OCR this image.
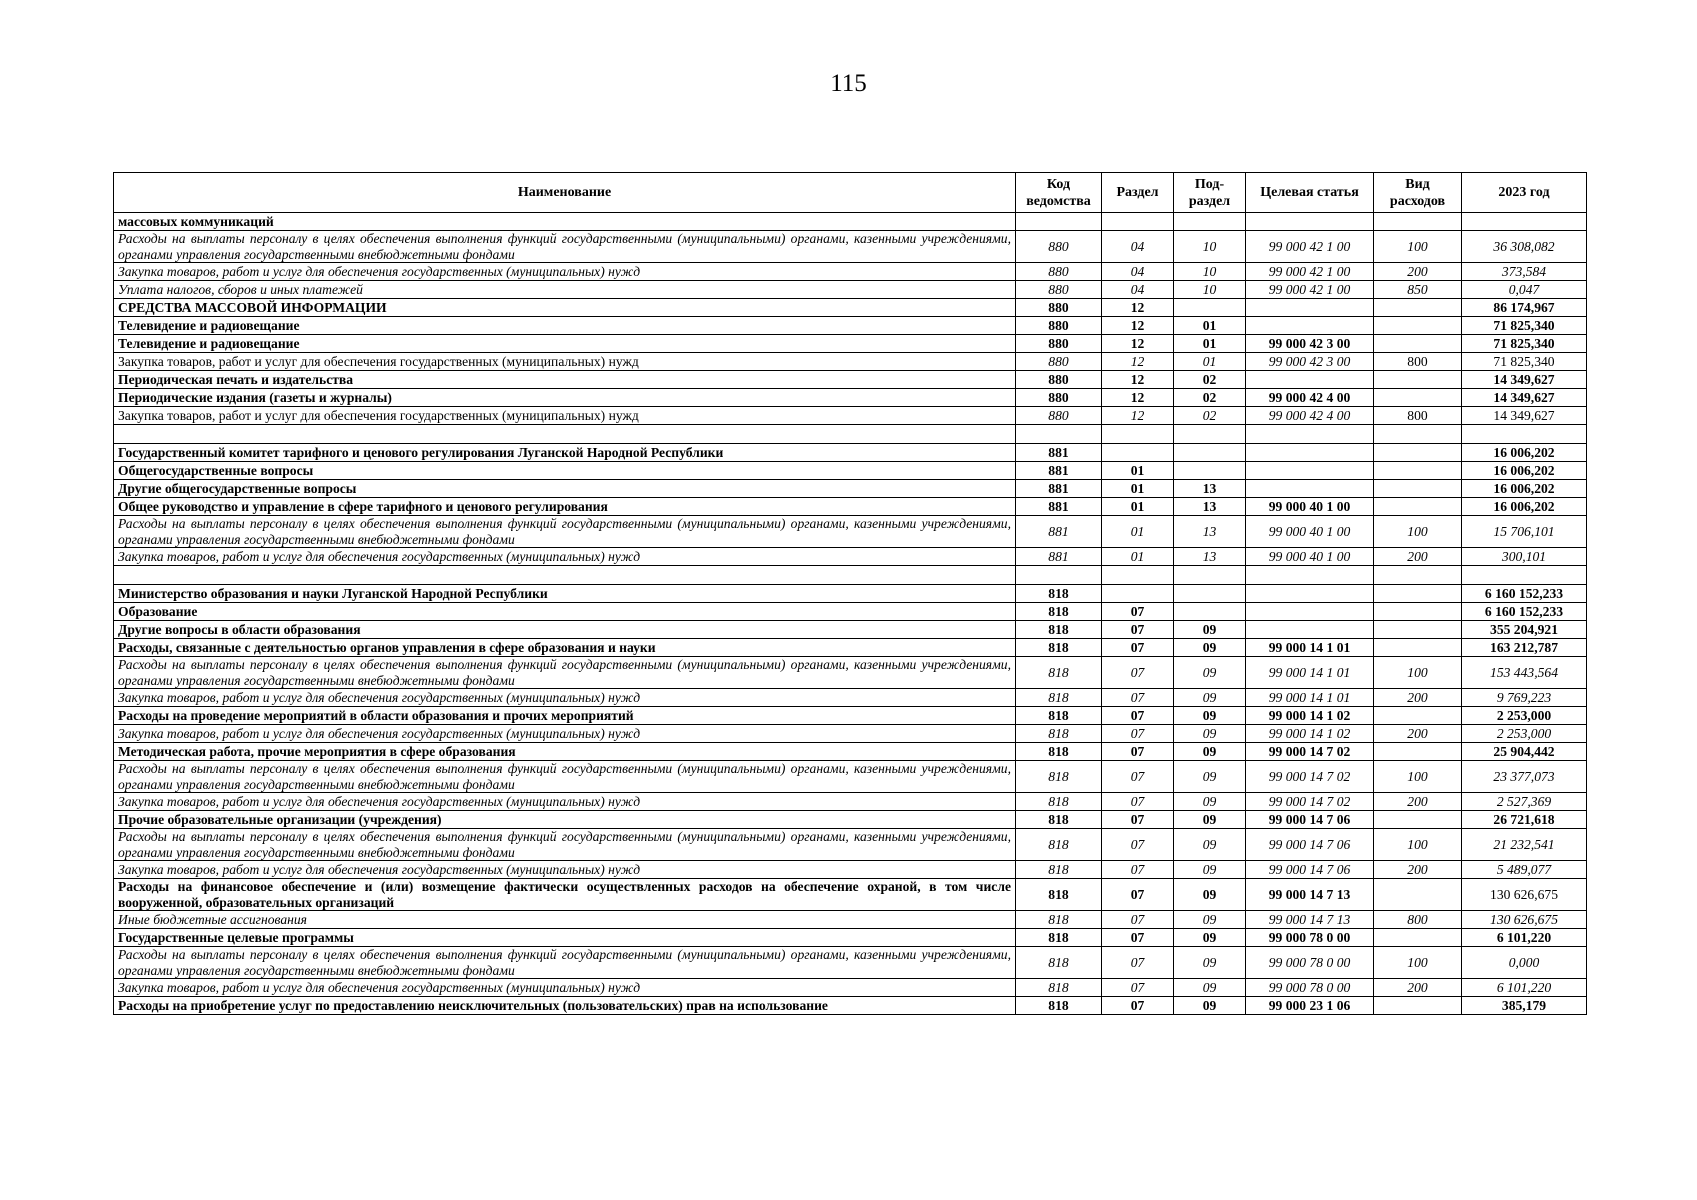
115
Наименование	Код ведомства	Раздел	Под-раздел	Целевая статья	Вид расходов	2023 год
массовых коммуникаций						
Расходы на выплаты персоналу в целях обеспечения выполнения функций государственными (муниципальными) органами, казенными учреждениями, органами управления государственными внебюджетными фондами	880	04	10	99 000 42 1 00	100	36 308,082
Закупка товаров, работ и услуг для обеспечения государственных (муниципальных) нужд	880	04	10	99 000 42 1 00	200	373,584
Уплата налогов, сборов и иных платежей	880	04	10	99 000 42 1 00	850	0,047
СРЕДСТВА МАССОВОЙ ИНФОРМАЦИИ	880	12				86 174,967
Телевидение и радиовещание	880	12	01			71 825,340
Телевидение и радиовещание	880	12	01	99 000 42 3 00		71 825,340
Закупка товаров, работ и услуг для обеспечения государственных (муниципальных) нужд	880	12	01	99 000 42 3 00	800	71 825,340
Периодическая печать и издательства	880	12	02			14 349,627
Периодические издания (газеты и журналы)	880	12	02	99 000 42 4 00		14 349,627
Закупка товаров, работ и услуг для обеспечения государственных (муниципальных) нужд	880	12	02	99 000 42 4 00	800	14 349,627

Государственный комитет тарифного и ценового регулирования Луганской Народной Республики	881					16 006,202
Общегосударственные вопросы	881	01				16 006,202
Другие общегосударственные вопросы	881	01	13			16 006,202
Общее руководство и управление в сфере тарифного и ценового регулирования	881	01	13	99 000 40 1 00		16 006,202
Расходы на выплаты персоналу в целях обеспечения выполнения функций государственными (муниципальными) органами, казенными учреждениями, органами управления государственными внебюджетными фондами	881	01	13	99 000 40 1 00	100	15 706,101
Закупка товаров, работ и услуг для обеспечения государственных (муниципальных) нужд	881	01	13	99 000 40 1 00	200	300,101

Министерство образования и науки Луганской Народной Республики	818					6 160 152,233
Образование	818	07				6 160 152,233
Другие вопросы в области образования	818	07	09			355 204,921
Расходы, связанные с деятельностью органов управления в сфере образования и науки	818	07	09	99 000 14 1 01		163 212,787
Расходы на выплаты персоналу в целях обеспечения выполнения функций государственными (муниципальными) органами, казенными учреждениями, органами управления государственными внебюджетными фондами	818	07	09	99 000 14 1 01	100	153 443,564
Закупка товаров, работ и услуг для обеспечения государственных (муниципальных) нужд	818	07	09	99 000 14 1 01	200	9 769,223
Расходы на проведение мероприятий в области образования и прочих мероприятий	818	07	09	99 000 14 1 02		2 253,000
Закупка товаров, работ и услуг для обеспечения государственных (муниципальных) нужд	818	07	09	99 000 14 1 02	200	2 253,000
Методическая работа, прочие мероприятия в сфере образования	818	07	09	99 000 14 7 02		25 904,442
Расходы на выплаты персоналу в целях обеспечения выполнения функций государственными (муниципальными) органами, казенными учреждениями, органами управления государственными внебюджетными фондами	818	07	09	99 000 14 7 02	100	23 377,073
Закупка товаров, работ и услуг для обеспечения государственных (муниципальных) нужд	818	07	09	99 000 14 7 02	200	2 527,369
Прочие образовательные организации (учреждения)	818	07	09	99 000 14 7 06		26 721,618
Расходы на выплаты персоналу в целях обеспечения выполнения функций государственными (муниципальными) органами, казенными учреждениями, органами управления государственными внебюджетными фондами	818	07	09	99 000 14 7 06	100	21 232,541
Закупка товаров, работ и услуг для обеспечения государственных (муниципальных) нужд	818	07	09	99 000 14 7 06	200	5 489,077
Расходы на финансовое обеспечение и (или) возмещение фактически осуществленных расходов на обеспечение охраной, в том числе вооруженной, образовательных организаций	818	07	09	99 000 14 7 13		130 626,675
Иные бюджетные ассигнования	818	07	09	99 000 14 7 13	800	130 626,675
Государственные целевые программы	818	07	09	99 000 78 0 00		6 101,220
Расходы на выплаты персоналу в целях обеспечения выполнения функций государственными (муниципальными) органами, казенными учреждениями, органами управления государственными внебюджетными фондами	818	07	09	99 000 78 0 00	100	0,000
Закупка товаров, работ и услуг для обеспечения государственных (муниципальных) нужд	818	07	09	99 000 78 0 00	200	6 101,220
Расходы на приобретение услуг по предоставлению неисключительных (пользовательских) прав на использование	818	07	09	99 000 23 1 06		385,179
